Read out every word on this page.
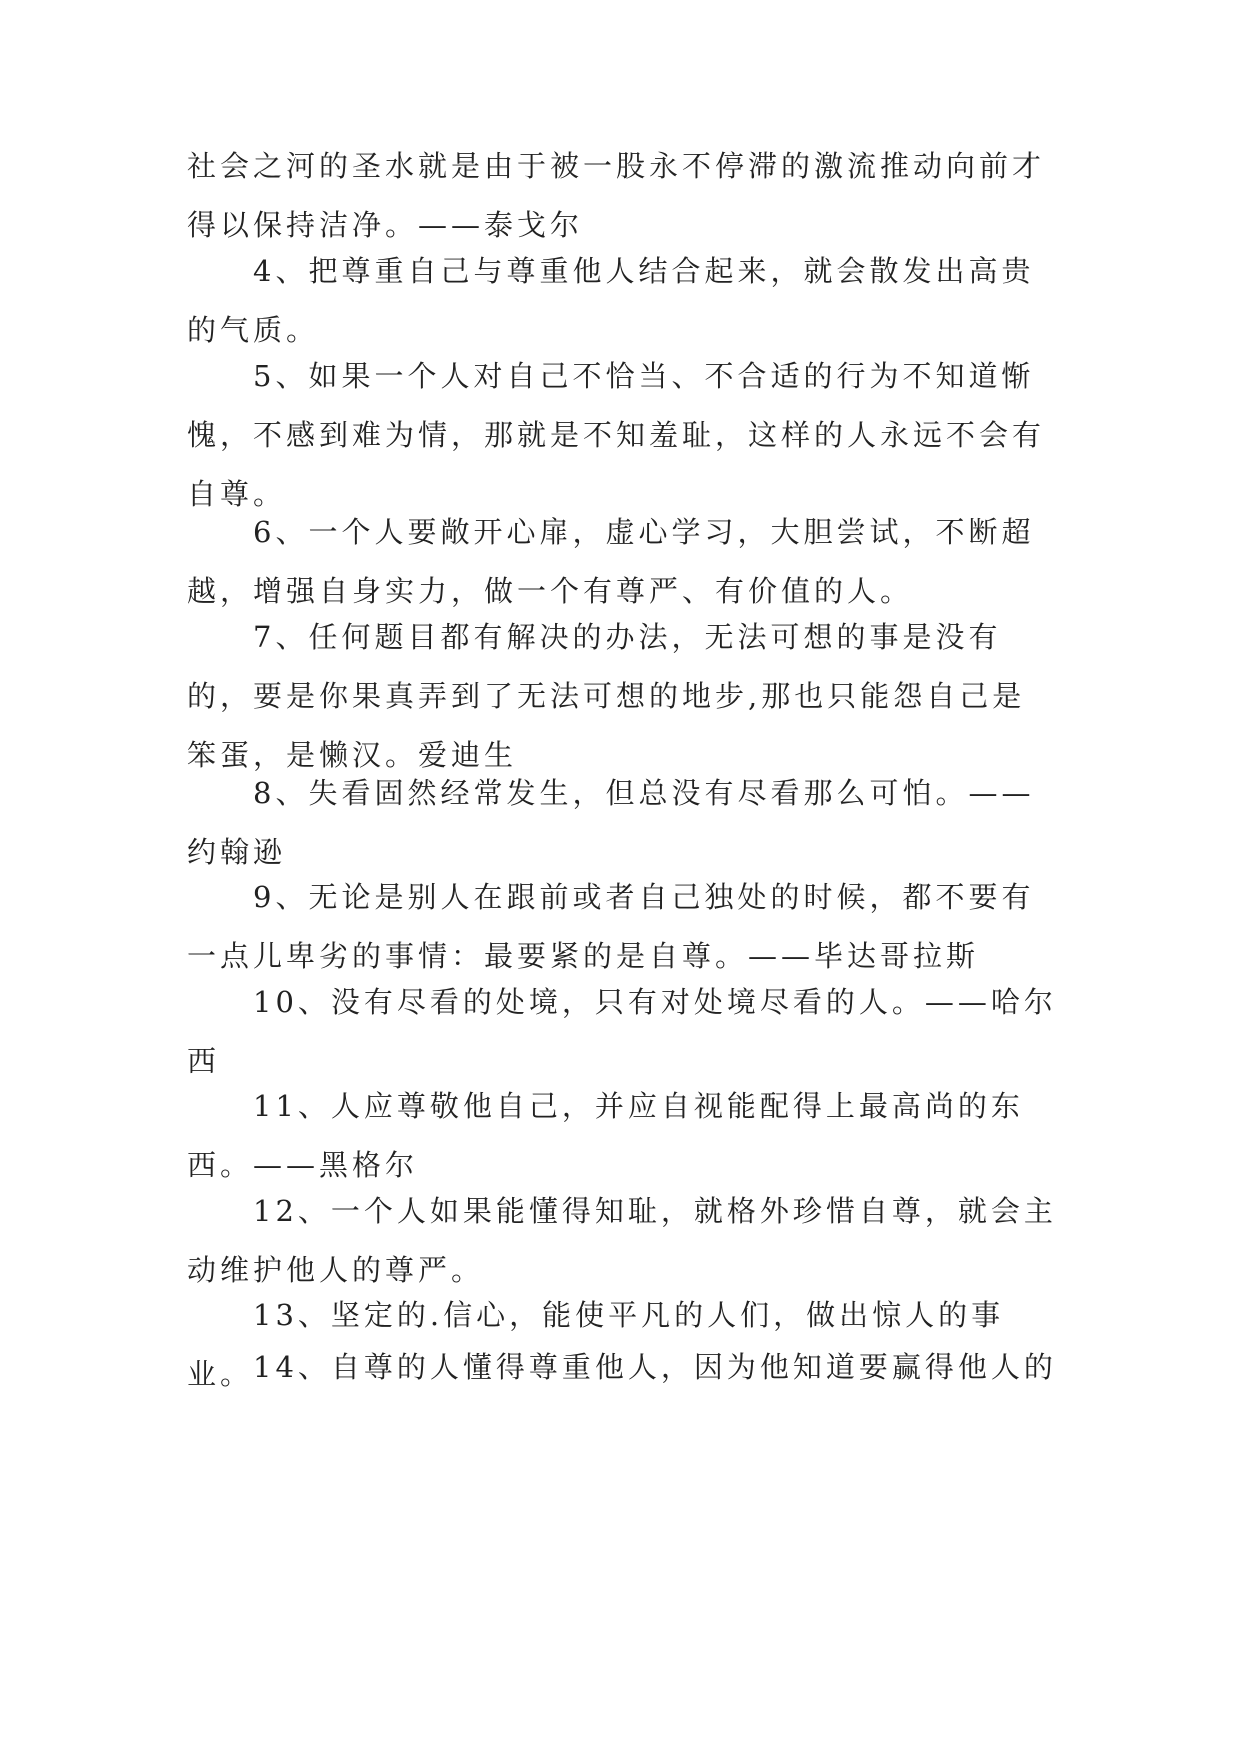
社会之河的圣水就是由于被一股永不停滞的激流推动向前才得以保持洁净。——泰戈尔

4、把尊重自己与尊重他人结合起来，就会散发出高贵的气质。

5、如果一个人对自己不恰当、不合适的行为不知道惭愧，不感到难为情，那就是不知羞耻，这样的人永远不会有自尊。

6、一个人要敞开心扉，虚心学习，大胆尝试，不断超越，增强自身实力，做一个有尊严、有价值的人。

7、任何题目都有解决的办法，无法可想的事是没有的，要是你果真弄到了无法可想的地步,那也只能怨自己是笨蛋，是懒汉。爱迪生

8、失看固然经常发生，但总没有尽看那么可怕。——约翰逊

9、无论是别人在跟前或者自己独处的时候，都不要有一点儿卑劣的事情：最要紧的是自尊。——毕达哥拉斯

10、没有尽看的处境，只有对处境尽看的人。——哈尔西

11、人应尊敬他自己，并应自视能配得上最高尚的东西。——黑格尔

12、一个人如果能懂得知耻，就格外珍惜自尊，就会主动维护他人的尊严。

13、坚定的.信心，能使平凡的人们，做出惊人的事业。 14、自尊的人懂得尊重他人，因为他知道要赢得他人的
